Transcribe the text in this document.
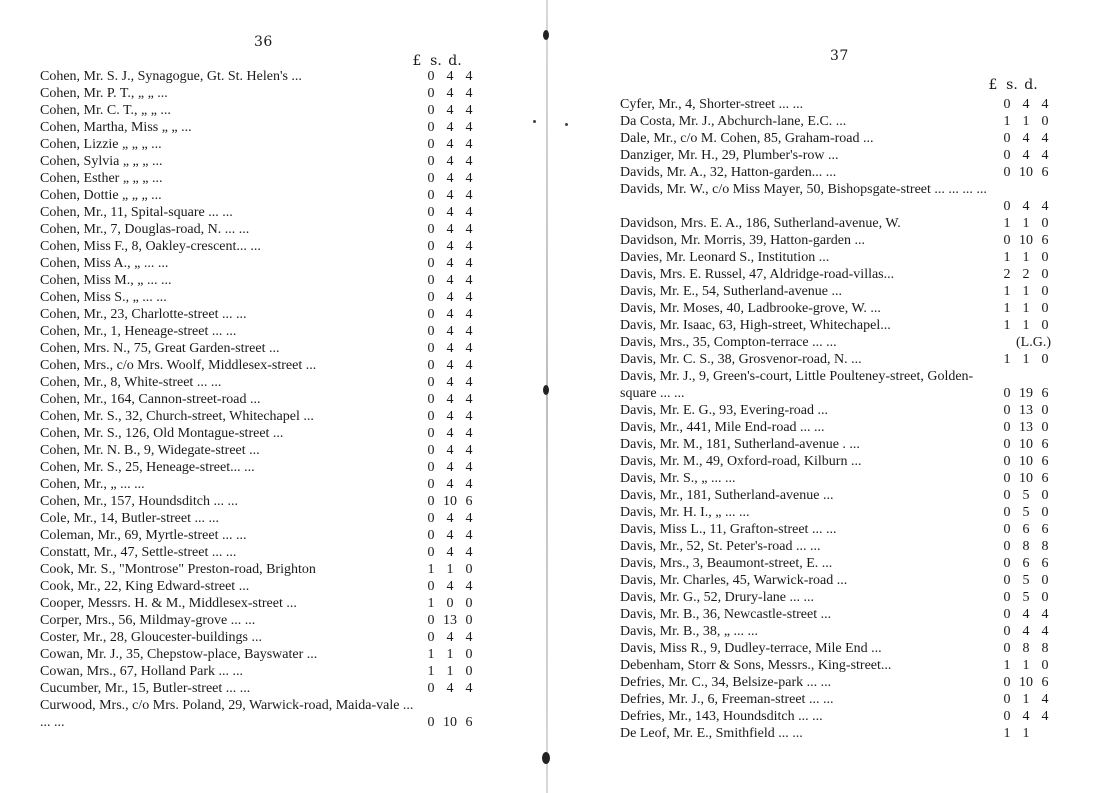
36
£ s. d.
Cohen, Mr. S. J., Synagogue, Gt. St. Helen's ...	0 4 4
Cohen, Mr. P. T., „ „ ...	0 4 4
Cohen, Mr. C. T., „ „ ...	0 4 4
Cohen, Martha, Miss „ „ ...	0 4 4
Cohen, Lizzie „ „ „ ...	0 4 4
Cohen, Sylvia „ „ „ ...	0 4 4
Cohen, Esther „ „ „ ...	0 4 4
Cohen, Dottie „ „ „ ...	0 4 4
Cohen, Mr., 11, Spital-square ... ...	0 4 4
Cohen, Mr., 7, Douglas-road, N. ... ...	0 4 4
Cohen, Miss F., 8, Oakley-crescent... ...	0 4 4
Cohen, Miss A., „ ... ...	0 4 4
Cohen, Miss M., „ ... ...	0 4 4
Cohen, Miss S., „ ... ...	0 4 4
Cohen, Mr., 23, Charlotte-street ... ...	0 4 4
Cohen, Mr., 1, Heneage-street ... ...	0 4 4
Cohen, Mrs. N., 75, Great Garden-street ...	0 4 4
Cohen, Mrs., c/o Mrs. Woolf, Middlesex-street ...	0 4 4
Cohen, Mr., 8, White-street ... ...	0 4 4
Cohen, Mr., 164, Cannon-street-road ...	0 4 4
Cohen, Mr. S., 32, Church-street, Whitechapel ...	0 4 4
Cohen, Mr. S., 126, Old Montague-street ...	0 4 4
Cohen, Mr. N. B., 9, Widegate-street ...	0 4 4
Cohen, Mr. S., 25, Heneage-street... ...	0 4 4
Cohen, Mr., „ ... ...	0 4 4
Cohen, Mr., 157, Houndsditch ... ...	0 10 6
Cole, Mr., 14, Butler-street ... ...	0 4 4
Coleman, Mr., 69, Myrtle-street ... ...	0 4 4
Constatt, Mr., 47, Settle-street ... ...	0 4 4
Cook, Mr. S., "Montrose" Preston-road, Brighton	1 1 0
Cook, Mr., 22, King Edward-street ...	0 4 4
Cooper, Messrs. H. & M., Middlesex-street ...	1 0 0
Corper, Mrs., 56, Mildmay-grove ... ...	0 13 0
Coster, Mr., 28, Gloucester-buildings ...	0 4 4
Cowan, Mr. J., 35, Chepstow-place, Bayswater ...	1 1 0
Cowan, Mrs., 67, Holland Park ... ...	1 1 0
Cucumber, Mr., 15, Butler-street ... ...	0 4 4
Curwood, Mrs., c/o Mrs. Poland, 29, Warwick-road, Maida-vale ... ... ...	0 10 6
37
£ s. d.
Cyfer, Mr., 4, Shorter-street ... ...	0 4 4
Da Costa, Mr. J., Abchurch-lane, E.C. ...	1 1 0
Dale, Mr., c/o M. Cohen, 85, Graham-road ...	0 4 4
Danziger, Mr. H., 29, Plumber's-row ...	0 4 4
Davids, Mr. A., 32, Hatton-garden... ...	0 10 6
Davids, Mr. W., c/o Miss Mayer, 50, Bishopsgate-street ... ... ... ...
0 4 4
Davidson, Mrs. E. A., 186, Sutherland-avenue, W.	1 1 0
Davidson, Mr. Morris, 39, Hatton-garden ...	0 10 6
Davies, Mr. Leonard S., Institution ...	1 1 0
Davis, Mrs. E. Russel, 47, Aldridge-road-villas...	2 2 0
Davis, Mr. E., 54, Sutherland-avenue ...	1 1 0
Davis, Mr. Moses, 40, Ladbrooke-grove, W. ...	1 1 0
Davis, Mr. Isaac, 63, High-street, Whitechapel...	1 1 0
Davis, Mrs., 35, Compton-terrace ... ...	(L.G.)
Davis, Mr. C. S., 38, Grosvenor-road, N. ...	1 1 0
Davis, Mr. J., 9, Green's-court, Little Poulteney-street, Golden-square ... ...	0 19 6
Davis, Mr. E. G., 93, Evering-road ...	0 13 0
Davis, Mr., 441, Mile End-road ... ...	0 13 0
Davis, Mr. M., 181, Sutherland-avenue . ...	0 10 6
Davis, Mr. M., 49, Oxford-road, Kilburn ...	0 10 6
Davis, Mr. S., „ ... ...	0 10 6
Davis, Mr., 181, Sutherland-avenue ...	0 5 0
Davis, Mr. H. I., „ ... ...	0 5 0
Davis, Miss L., 11, Grafton-street ... ...	0 6 6
Davis, Mr., 52, St. Peter's-road ... ...	0 8 8
Davis, Mrs., 3, Beaumont-street, E. ...	0 6 6
Davis, Mr. Charles, 45, Warwick-road ...	0 5 0
Davis, Mr. G., 52, Drury-lane ... ...	0 5 0
Davis, Mr. B., 36, Newcastle-street ...	0 4 4
Davis, Mr. B., 38, „ ... ...	0 4 4
Davis, Miss R., 9, Dudley-terrace, Mile End ...	0 8 8
Debenham, Storr & Sons, Messrs., King-street...	1 1 0
Defries, Mr. C., 34, Belsize-park ... ...	0 10 6
Defries, Mr. J., 6, Freeman-street ... ...	0 1 4
Defries, Mr., 143, Houndsditch ... ...	0 4 4
De Leof, Mr. E., Smithfield ... ...	1 1
